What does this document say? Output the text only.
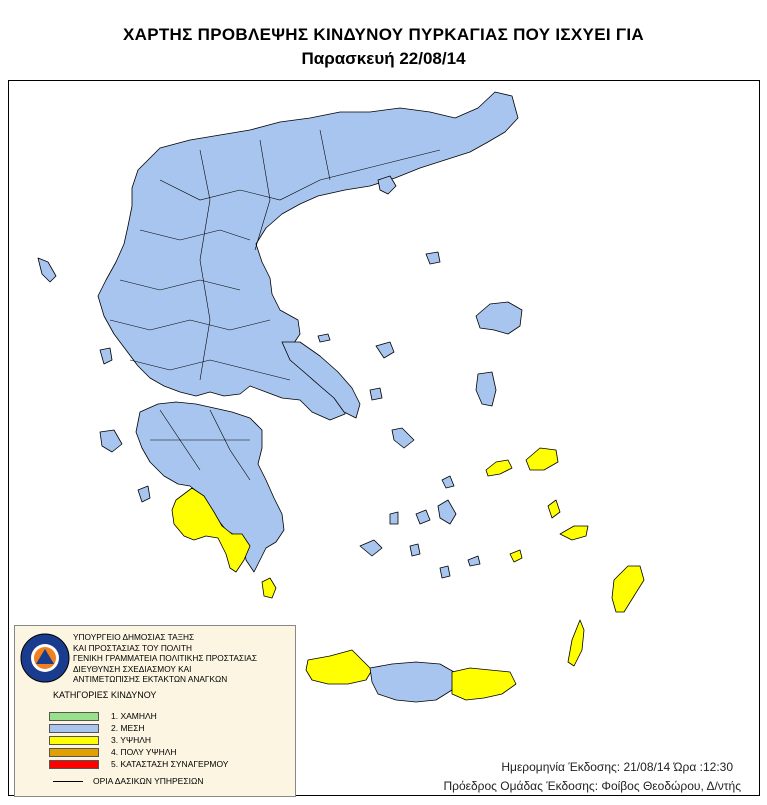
ΧΑΡΤΗΣ ΠΡΟΒΛΕΨΗΣ ΚΙΝΔΥΝΟΥ ΠΥΡΚΑΓΙΑΣ ΠΟΥ ΙΣΧΥΕΙ ΓΙΑ
Παρασκευή 22/08/14
ΥΠΟΥΡΓΕΙΟ ΔΗΜΟΣΙΑΣ ΤΑΞΗΣ
ΚΑΙ ΠΡΟΣΤΑΣΙΑΣ ΤΟΥ ΠΟΛΙΤΗ
ΓΕΝΙΚΗ ΓΡΑΜΜΑΤΕΙΑ ΠΟΛΙΤΙΚΗΣ ΠΡΟΣΤΑΣΙΑΣ
ΔΙΕΥΘΥΝΣΗ ΣΧΕΔΙΑΣΜΟΥ ΚΑΙ
ΑΝΤΙΜΕΤΩΠΙΣΗΣ ΕΚΤΑΚΤΩΝ ΑΝΑΓΚΩΝ
ΚΑΤΗΓΟΡΙΕΣ ΚΙΝΔΥΝΟΥ
1. ΧΑΜΗΛΗ
2. ΜΕΣΗ
3. ΥΨΗΛΗ
4. ΠΟΛΥ ΥΨΗΛΗ
5. ΚΑΤΑΣΤΑΣΗ ΣΥΝΑΓΕΡΜΟΥ
ΟΡΙΑ ΔΑΣΙΚΩΝ ΥΠΗΡΕΣΙΩΝ
Ημερομηνία Έκδοσης: 21/08/14 Ώρα :12:30
Πρόεδρος Ομάδας Έκδοσης: Φοίβος Θεοδώρου, Δ/ντής
